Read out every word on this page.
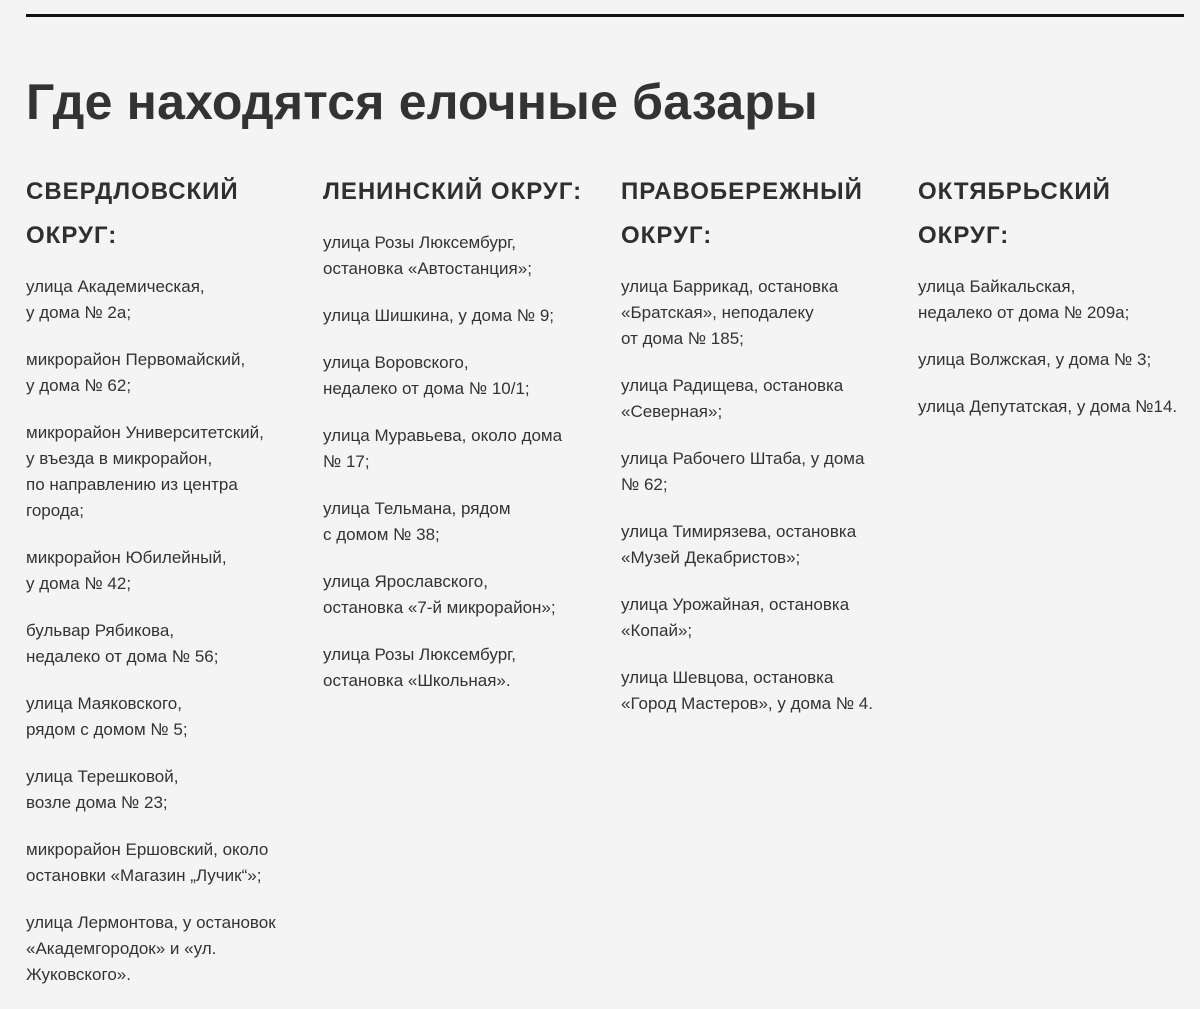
Где находятся елочные базары
СВЕРДЛОВСКИЙ ОКРУГ:
улица Академическая,
у дома № 2а;
микрорайон Первомайский,
у дома № 62;
микрорайон Университетский,
у въезда в микрорайон,
по направлению из центра
города;
микрорайон Юбилейный,
у дома № 42;
бульвар Рябикова,
недалеко от дома № 56;
улица Маяковского,
рядом с домом № 5;
улица Терешковой,
возле дома № 23;
микрорайон Ершовский, около
остановки «Магазин „Лучик“»;
улица Лермонтова, у остановок
«Академгородок» и «ул.
Жуковского».
ЛЕНИНСКИЙ ОКРУГ:
улица Розы Люксембург,
остановка «Автостанция»;
улица Шишкина, у дома № 9;
улица Воровского,
недалеко от дома № 10/1;
улица Муравьева, около дома
№ 17;
улица Тельмана, рядом
с домом № 38;
улица Ярославского,
остановка «7-й микрорайон»;
улица Розы Люксембург,
остановка «Школьная».
ПРАВОБЕРЕЖНЫЙ ОКРУГ:
улица Баррикад, остановка
«Братская», неподалеку
от дома № 185;
улица Радищева, остановка
«Северная»;
улица Рабочего Штаба, у дома
№ 62;
улица Тимирязева, остановка
«Музей Декабристов»;
улица Урожайная, остановка
«Копай»;
улица Шевцова, остановка
«Город Мастеров», у дома № 4.
ОКТЯБРЬСКИЙ ОКРУГ:
улица Байкальская,
недалеко от дома № 209а;
улица Волжская, у дома № 3;
улица Депутатская, у дома №14.
